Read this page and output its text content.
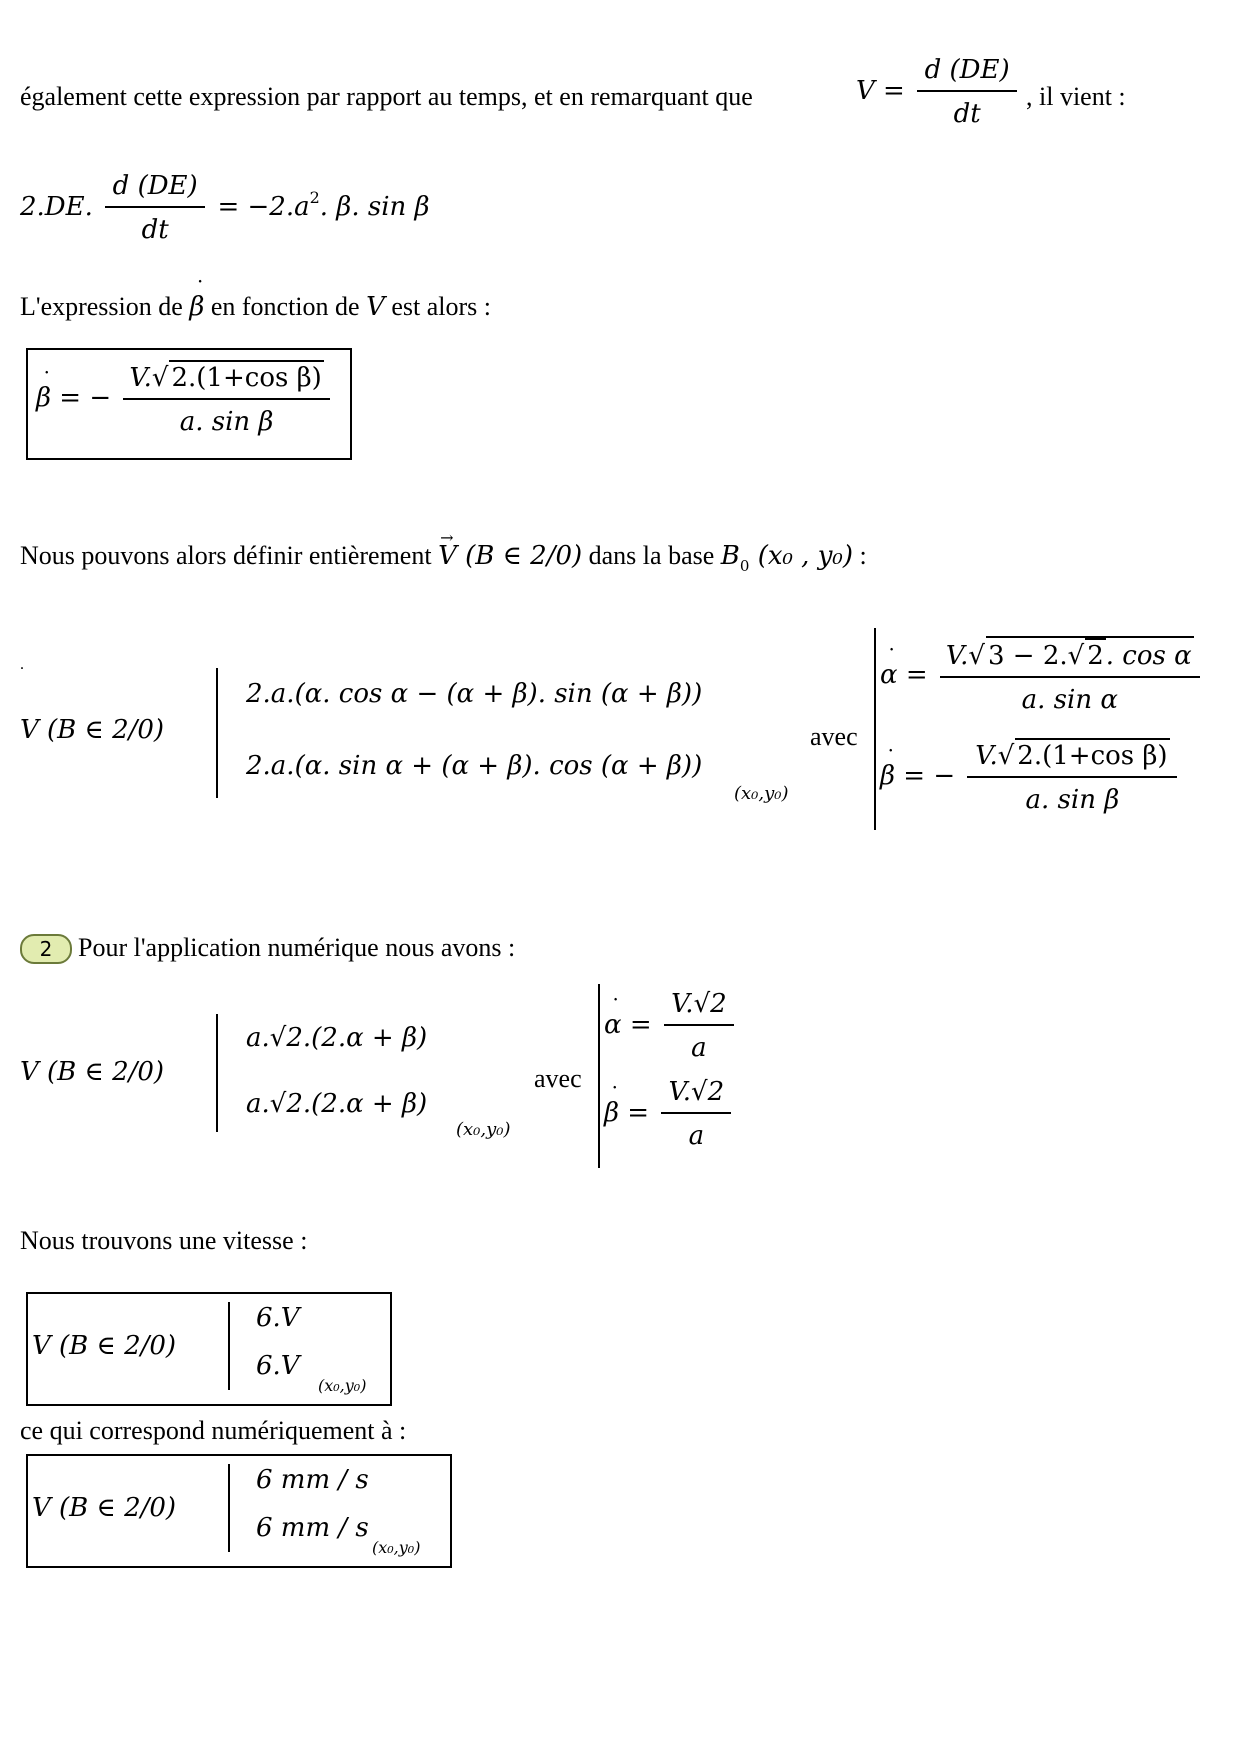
également cette expression par rapport au temps, et en remarquant que	$V = \frac{d (DE)}{dt}$ , il vient :
2.DE. $\frac{d (DE)}{dt} = -2.a^2$. β. sin β
L'expression de ˙ β en fonction de V est alors :
˙ β = − $\frac{\text{V.√ 2.(1+cos β)}}{\text{a. sin β}}$
Nous pouvons alors définir entièrement → V (B ∈ 2/0) dans la base $B_0$ (x₀ , y₀) :
.
V (B ∈ 2/0)
2.a.(α. cos α − (α + β). sin (α + β))
2.a.(α. sin α + (α + β). cos (α + β))
(x₀,y₀)
avec
˙ $\alpha = \frac{\text{V.√ 3 − 2.√ 2. cos α}}{\text{a. sin α}}$
˙ β = − $\frac{\text{V.√ 2.(1+cos β)}}{\text{a. sin β}}$
2 Pour l'application numérique nous avons :
V (B ∈ 2/0)
a.√2.(2.α + β)
a.√2.(2.α + β)
(x₀,y₀)
avec
˙ $\alpha = \frac{V.√2}{a}$
˙ $\beta = \frac{V.√2}{a}$
Nous trouvons une vitesse :
V (B ∈ 2/0)
6.V
6.V
(x₀,y₀)
ce qui correspond numériquement à :
V (B ∈ 2/0)
6 mm / s
6 mm / s
(x₀,y₀)
